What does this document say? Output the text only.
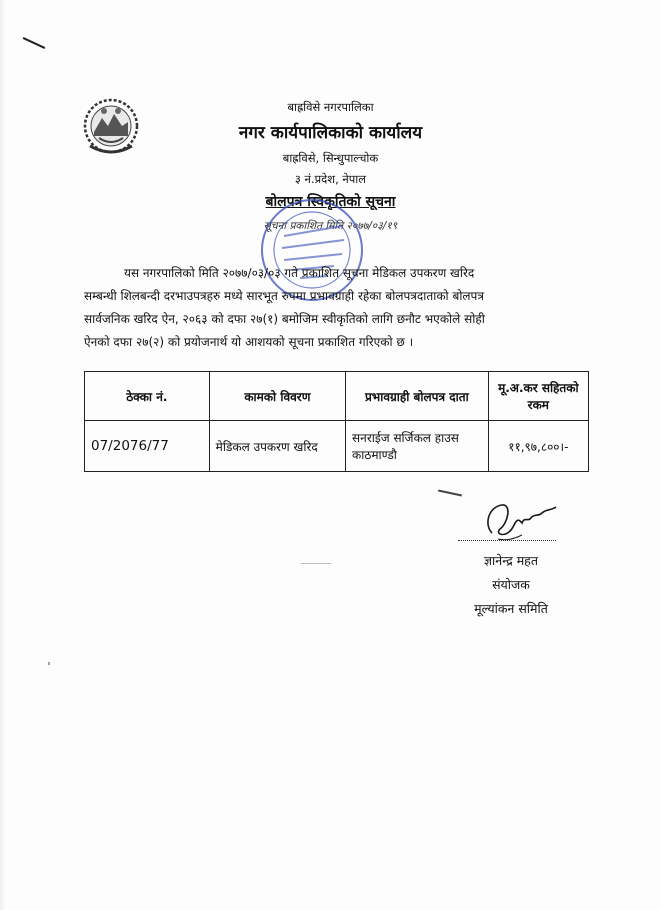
बाह्रविसे नगरपालिका
नगर कार्यपालिकाको कार्यालय
बाह्रविसे, सिन्धुपाल्चोक
३ नं.प्रदेश, नेपाल
बोलपत्र स्विकृतिको सूचना
सूचना प्रकाशित मिति २०७७/०३/१९
यस नगरपालिको मिति २०७७/०३/०३ गते प्रकाशित सूचना मेडिकल उपकरण खरिद
सम्बन्धी शिलबन्दी दरभाउपत्रहरु मध्ये सारभूत रुपमा प्रभावग्राही रहेका बोलपत्रदाताको बोलपत्र
सार्वजनिक खरिद ऐन, २०६३ को दफा २७(१) बमोजिम स्वीकृतिको लागि छनौट भएकोले सोही
ऐनको दफा २७(२) को प्रयोजनार्थ यो आशयको सूचना प्रकाशित गरिएको छ ।
ठेक्का नं.	कामको विवरण	प्रभावग्राही बोलपत्र दाता	मू.अ.कर सहितको रकम
07/2076/77	मेडिकल उपकरण खरिद	सनराईज सर्जिकल हाउस काठमाण्डौ	११,९७,८००।-
ज्ञानेन्द्र महत
संयोजक
मूल्यांकन समिति
